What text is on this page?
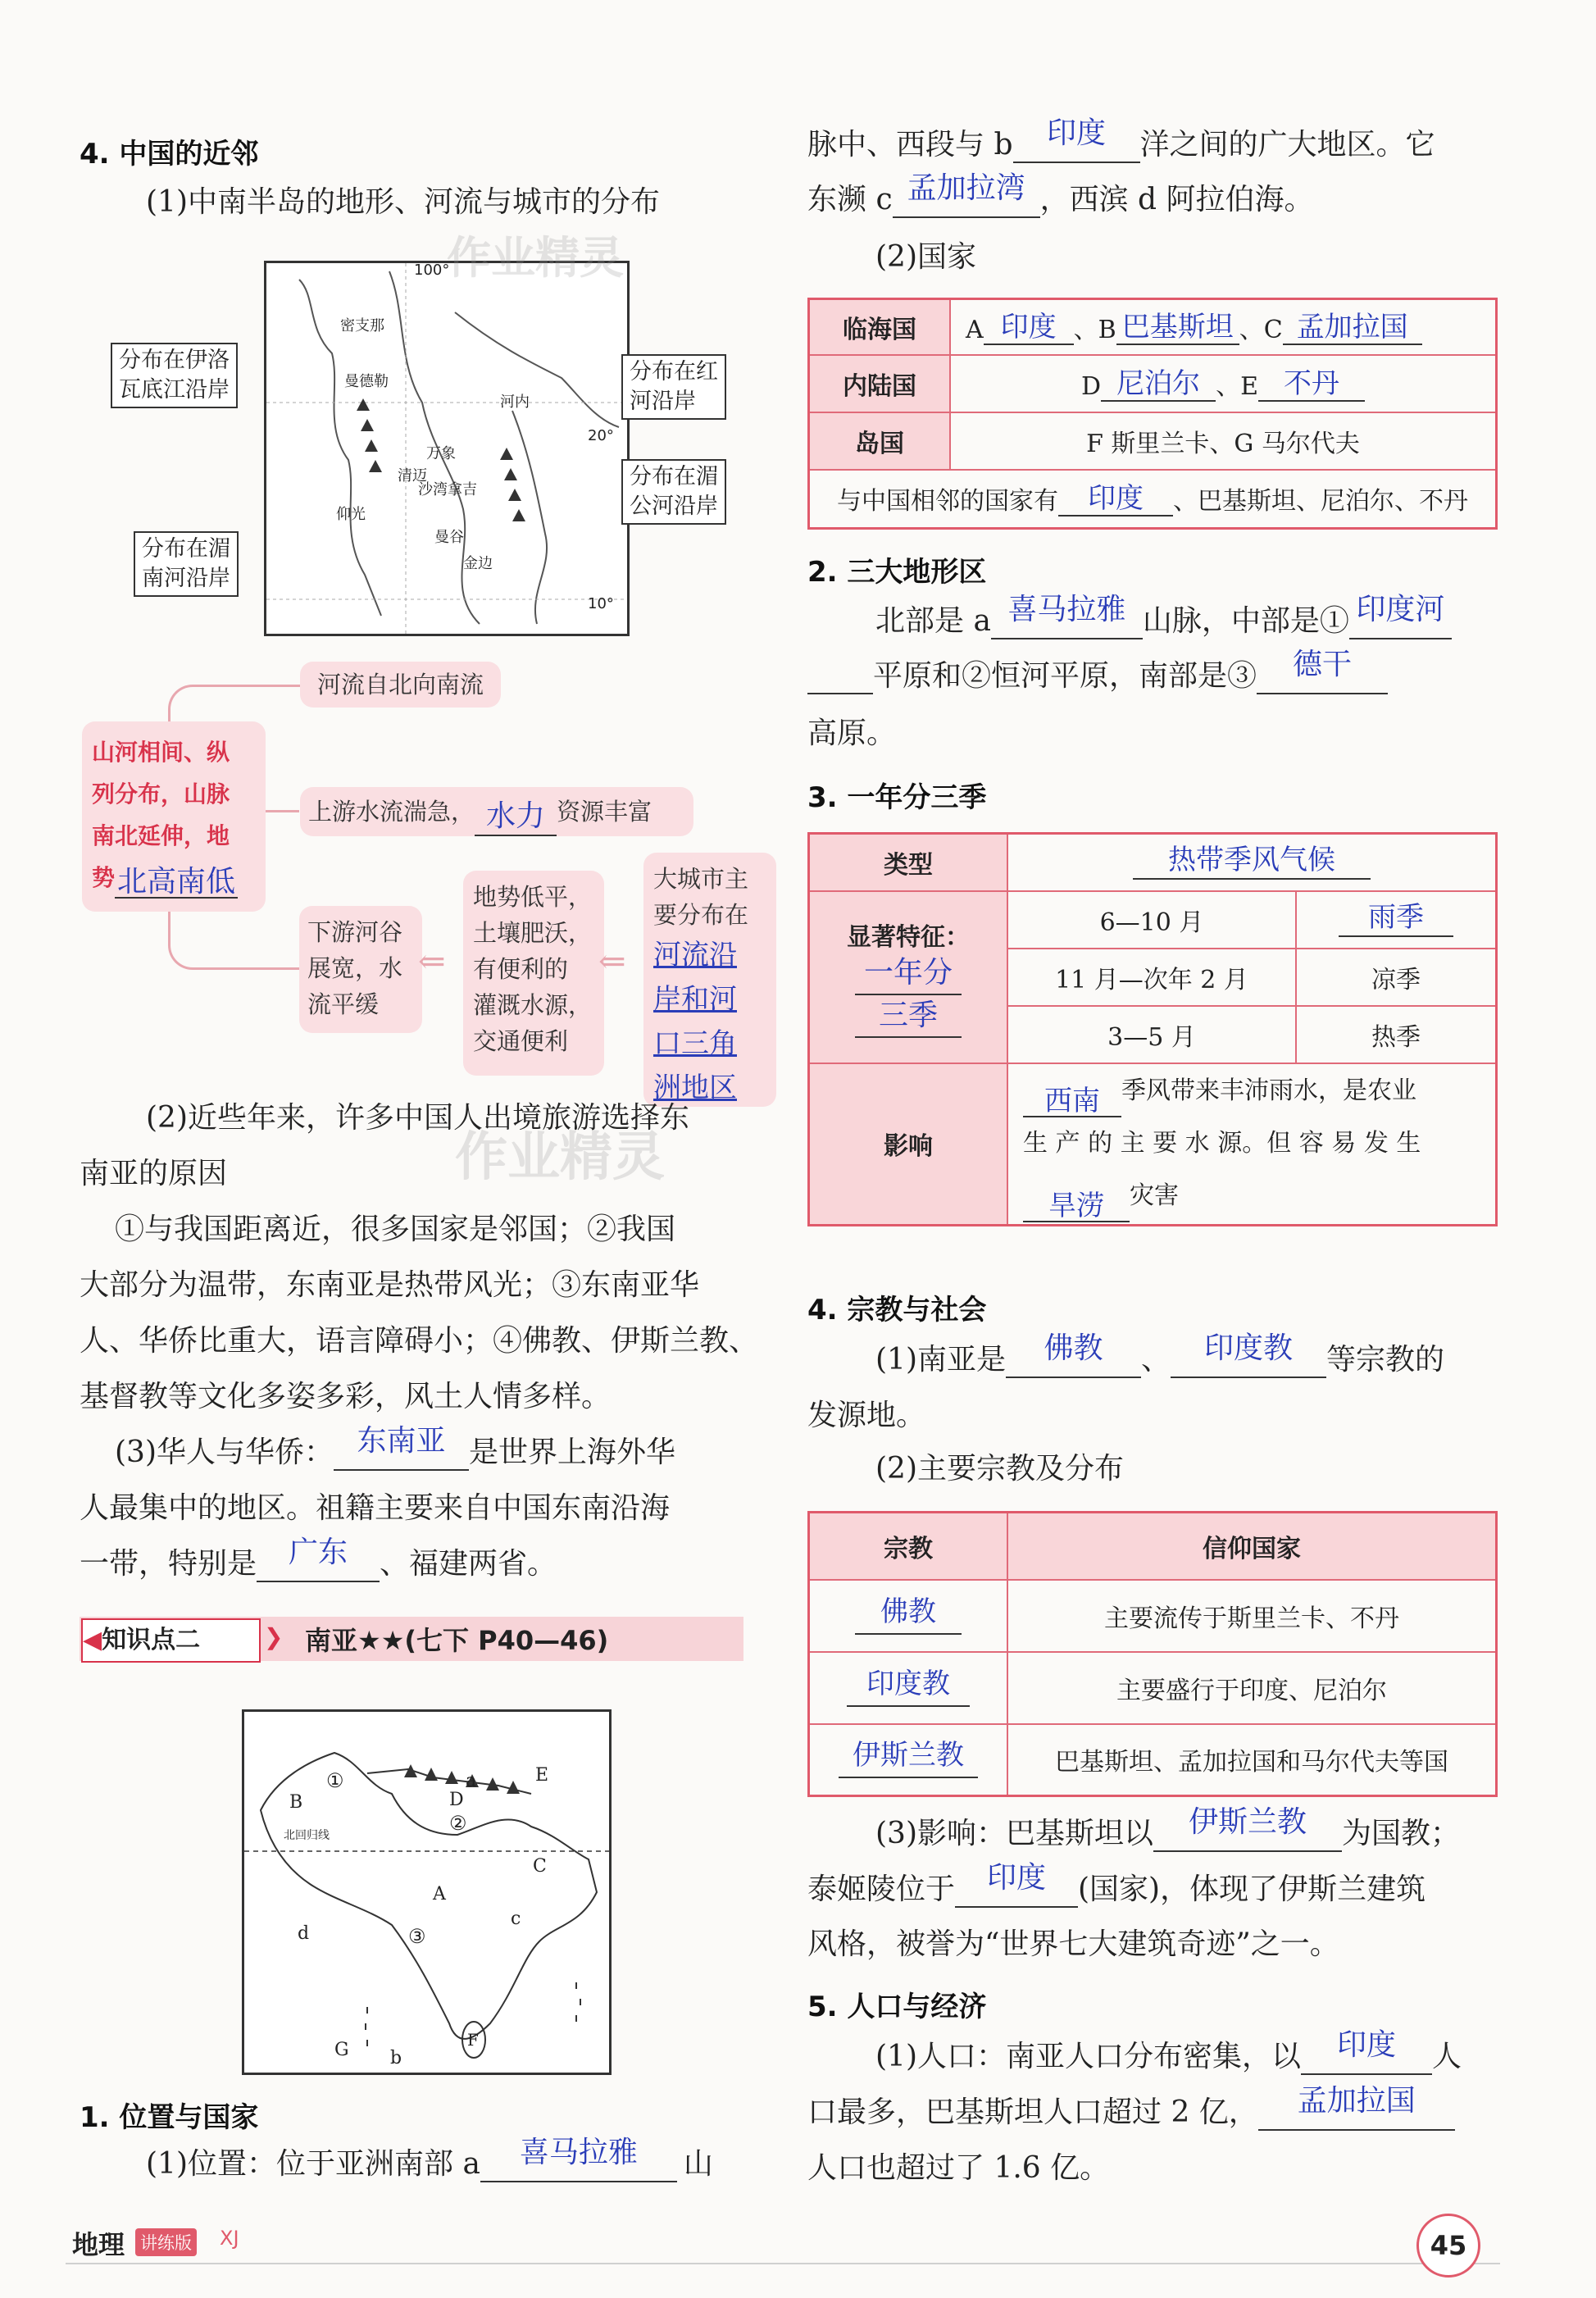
4. 中国的近邻
(1)中南半岛的地形、河流与城市的分布
100°
20°
10°
密支那
曼德勒
河内
万象
清迈
沙湾拿吉
仰光
曼谷
金边
分布在伊洛
瓦底江沿岸
分布在红
河沿岸
分布在湄
公河沿岸
分布在湄
南河沿岸
河流自北向南流
山河相间、纵
列分布，山脉
南北延伸，地
势北高南低
上游水流湍急， 水力 资源丰富
下游河谷
展宽，水
流平缓
⇐
地势低平，
土壤肥沃，
有便利的
灌溉水源，
交通便利
⇐
大城市主
要分布在
河流沿
岸和河
口三角
洲地区
(2)近些年来，许多中国人出境旅游选择东
南亚的原因
①与我国距离近，很多国家是邻国；②我国
大部分为温带，东南亚是热带风光；③东南亚华
人、华侨比重大，语言障碍小；④佛教、伊斯兰教、
基督教等文化多姿多彩，风土人情多样。
(3)华人与华侨： 东南亚 是世界上海外华
人最集中的地区。祖籍主要来自中国东南沿海
一带，特别是 广东 、福建两省。
◀知识点二	❯ 南亚★★(七下 P40—46)
北回归线
B
①	a	E
D
②
C
A
c
③
d
b
F
G
1. 位置与国家
(1)位置：位于亚洲南部 a 喜马拉雅 山
脉中、西段与 b 印度 洋之间的广大地区。它
东濒 c 孟加拉湾 ，西滨 d 阿拉伯海。
(2)国家
临海国	A 印度 、B 巴基斯坦 、C 孟加拉国
内陆国	D 尼泊尔 、E 不丹
岛国	F 斯里兰卡、G 马尔代夫
与中国相邻的国家有 印度 、巴基斯坦、尼泊尔、不丹	
2. 三大地形区
北部是 a 喜马拉雅 山脉，中部是① 印度河
平原和②恒河平原，南部是③ 德干
高原。
3. 一年分三季
类型	热带季风气候	

显著特征：
一年分
三季	6—10 月	雨季
	11 月—次年 2 月	凉季
	3—5 月	热季
影响	西南 季风带来丰沛雨水，是农业
生 产 的 主 要 水 源。但 容 易 发 生
旱涝 灾害	
4. 宗教与社会
(1)南亚是 佛教 、 印度教 等宗教的
发源地。
(2)主要宗教及分布
宗教	信仰国家
佛教	主要流传于斯里兰卡、不丹
印度教	主要盛行于印度、尼泊尔
伊斯兰教	巴基斯坦、孟加拉国和马尔代夫等国
(3)影响：巴基斯坦以 伊斯兰教 为国教；
泰姬陵位于 印度 (国家)，体现了伊斯兰建筑
风格，被誉为“世界七大建筑奇迹”之一。
5. 人口与经济
(1)人口：南亚人口分布密集，以 印度 人
口最多，巴基斯坦人口超过 2 亿， 孟加拉国
人口也超过了 1.6 亿。
作业精灵
作业精灵
地理 讲练版 XJ	45
